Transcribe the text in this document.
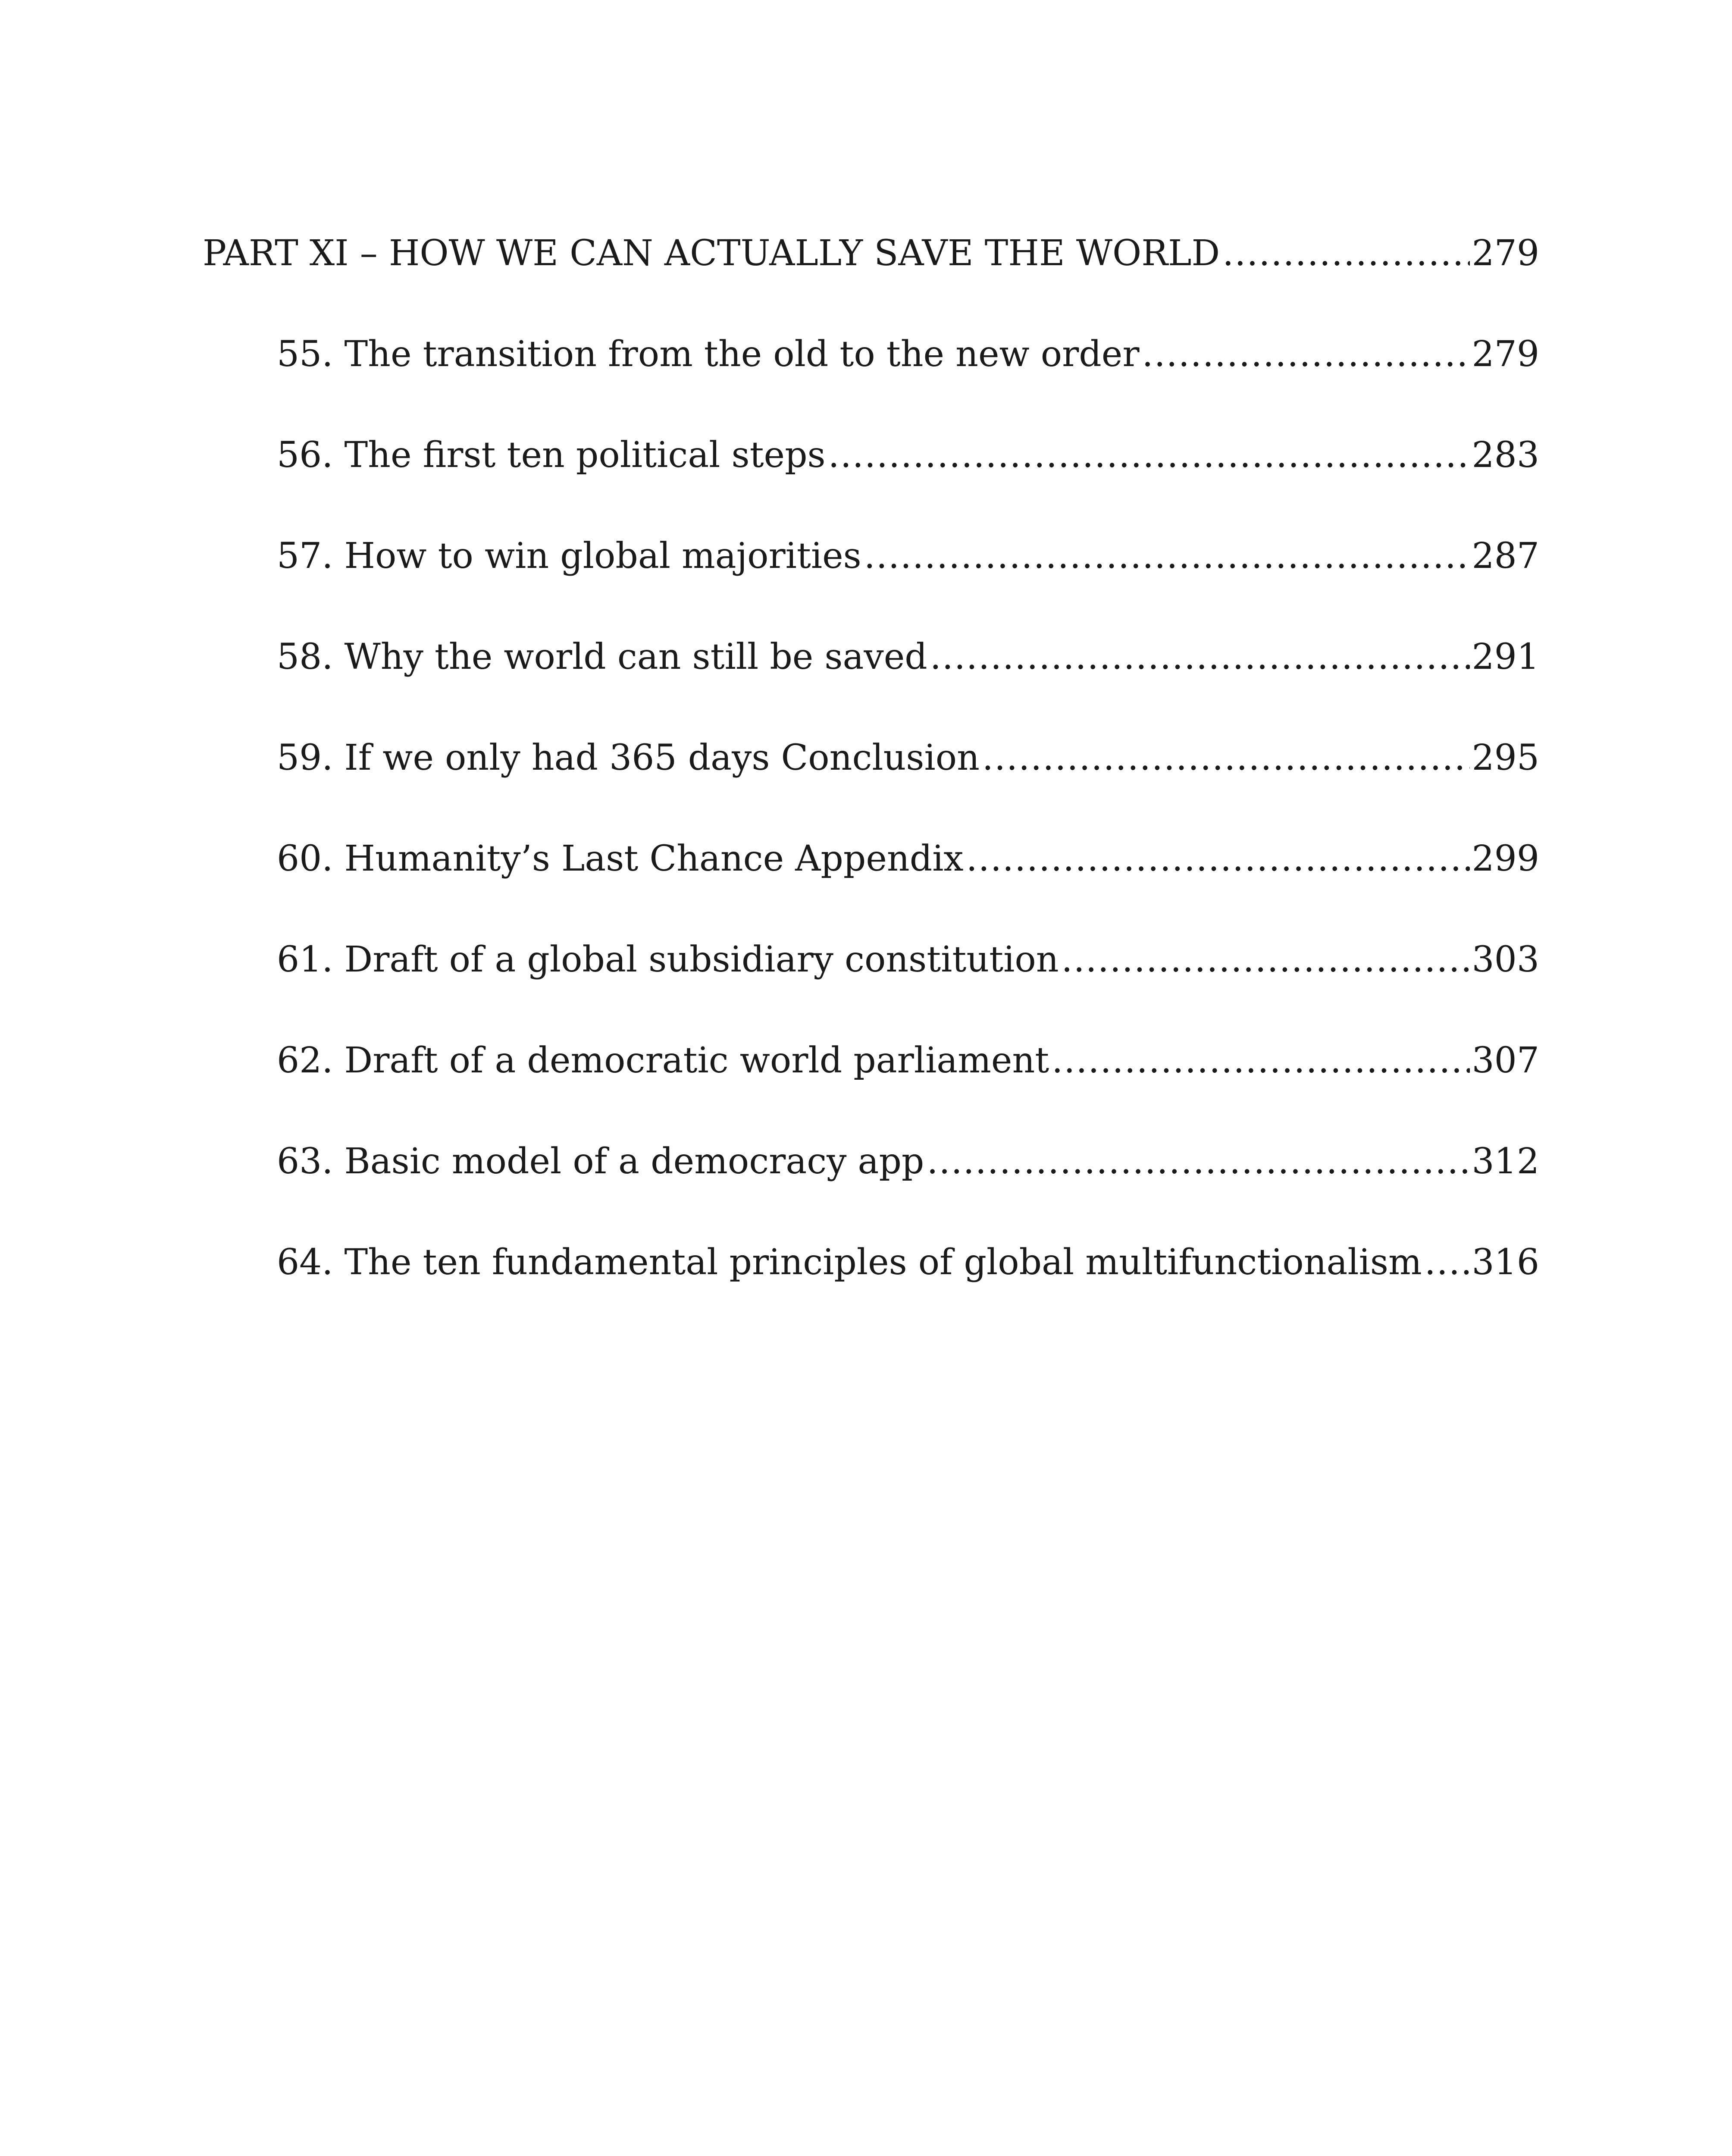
PART XI – HOW WE CAN ACTUALLY SAVE THE WORLD .....	279
55. The transition from the old to the new order .....	279
56. The first ten political steps .....	283
57. How to win global majorities .....	287
58. Why the world can still be saved .....	291
59. If we only had 365 days Conclusion .....	295
60. Humanity’s Last Chance Appendix .....	299
61. Draft of a global subsidiary constitution .....	303
62. Draft of a democratic world parliament .....	307
63. Basic model of a democracy app .....	312
64. The ten fundamental principles of global multifunctionalism ..... 316
